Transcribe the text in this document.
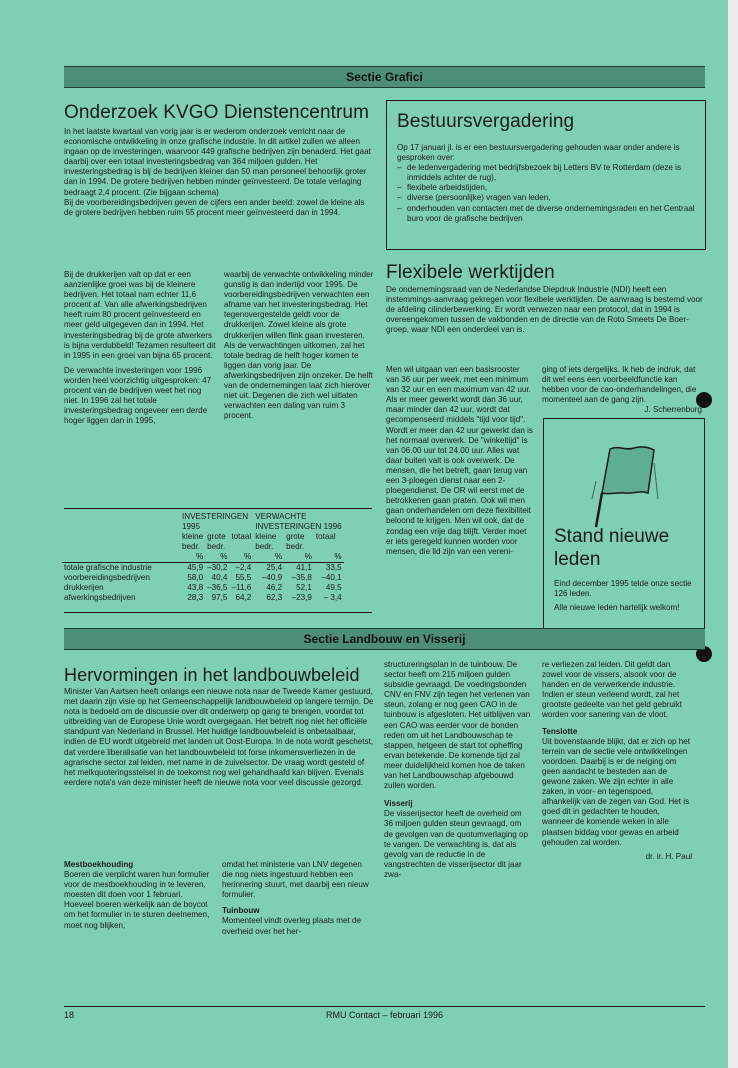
Sectie Grafici
Onderzoek KVGO Dienstencentrum

In het laatste kwartaal van vorig jaar is er wederom onderzoek verricht naar de economische ontwikkeling in onze grafische industrie. In dit artikel zullen we alleen ingaan op de investeringen, waarvoor 449 grafische bedrijven zijn benaderd. Het gaat daarbij over een totaal investeringsbedrag van 364 miljoen gulden. Het investeringsbedrag is bij de bedrijven kleiner dan 50 man personeel behoorlijk groter dan in 1994. De grotere bedrijven hebben minder geïnvesteerd. De totale verlaging bedraagt 2,4 procent. (Zie bijgaan schema)

Bij de voorbereidingsbedrijven geven de cijfers een ander beeld: zowel de kleine als de grotere bedrijven hebben ruim 55 procent meer geïnvesteerd dan in 1994.

Bij de drukkerijen valt op dat er een aanzienlijke groei was bij de kleinere bedrijven. Het totaal nam echter 11,6 procent af. Van alle afwerkingsbedrijven heeft ruim 80 procent geïnvesteerd en meer geld uitgegeven dan in 1994. Het investeringsbedrag bij de grote afwerkers is bijna verdubbeld! Tezamen resulteert dit in 1995 in een groei van bijna 65 procent.

De verwachte investeringen voor 1996 worden heel voorzichtig uitgesproken: 47 procent van de bedrijven weet het nog niet. In 1996 zal het totale investeringsbedrag ongeveer een derde hoger liggen dan in 1995,

waarbij de verwachte ontwikkeling minder gunstig is dan indertijd voor 1995. De voorbereidingsbedrijven verwachten een afname van het investeringsbedrag. Het tegenovergestelde geldt voor de drukkerijen. Zowel kleine als grote drukkerijen willen flink gaan investeren. Als de verwachtingen uitkomen, zal het totale bedrag de helft hoger komen te liggen dan vorig jaar. De afwerkingsbedrijven zijn onzeker. De helft van de ondernemingen laat zich hierover niet uit. Degenen die zich wel uitlaten verwachten een daling van ruim 3 procent.

	INVESTERINGEN			VERWACHTE		
	1995			INVESTERINGEN 1996		
	kleine	grote	totaal	kleine	grote	totaal
	bedr.	bedr.		bedr.	bedr.	
	%	%	%	%	%	%
totale grafische industrie	45,9	–30,2	–2,4	25,4	41,1	33,5
voorbereidingsbedrijven	58,0	40,4	55,5	–40,9	–35,8	–40,1
drukkerijen	43,8	–36,5	–11,6	46,2	52,1	49,5
afwerkingsbedrijven	28,3	97,5	64,2	62,3	–23,9	– 3,4
Bestuursvergadering

Op 17 januari jl. is er een bestuursvergadering gehouden waar onder andere is gesproken over:

– de ledenvergadering met bedrijfsbezoek bij Letters BV te Rotterdam (deze is inmiddels achter de rug),
– flexibele arbeidstijden,
– diverse (persoonlijke) vragen van leden,
– onderhouden van contacten met de diverse ondernemingsraden en het Centraal buro voor de grafische bedrijven
Flexibele werktijden

De ondernemingsraad van de Nederlandse Diepdruk Industrie (NDI) heeft een instemmings-aanvraag gekregen voor flexibele werktijden. De aanvraag is bestemd voor de afdeling cilinderbewerking. Er wordt verwezen naar een protocol, dat in 1994 is overeengekomen tussen de vakbonden en de directie van de Roto Smeets De Boer-groep, waar NDI een onderdeel van is.

Men wil uitgaan van een basisrooster van 36 uur per week, met een minimum van 32 uur en een maximum van 42 uur. Als er meer gewerkt wordt dan 36 uur, maar minder dan 42 uur, wordt dat gecompenseerd middels "tijd voor tijd". Wordt er meer dan 42 uur gewerkt dan is het normaal overwerk. De "winkeltijd" is van 06.00 uur tot 24.00 uur. Alles wat daar buiten valt is ook overwerk. De mensen, die het betreft, gaan terug van een 3-ploegen dienst naar een 2-ploegendienst. De OR wil eerst met de betrokkenen gaan praten. Ook wil men gaan onderhandelen om deze flexibiliteit beloond te krijgen. Men wil ook, dat de zondag een vrije dag blijft. Verder moet er iets geregeld kunnen worden voor mensen, die lid zijn van een vereni-

ging of iets dergelijks. Ik heb de indruk, dat dit wel eens een voorbeeldfunctie kan hebben voor de cao-onderhandelingen, die momenteel aan de gang zijn.

J. Scherrenburg
Stand nieuwe leden

Eind december 1995 telde onze sectie 126 leden.

Alle nieuwe leden hartelijk welkom!

Sectie Landbouw en Visserij
Hervormingen in het landbouwbeleid

Minister Van Aartsen heeft onlangs een nieuwe nota naar de Tweede Kamer gestuurd, met daarin zijn visie op het Gemeenschappelijk landbouwbeleid op langere termijn. De nota is bedoeld om de discussie over dit onderwerp op gang te brengen, voordat tot uitbreiding van de Europese Unie wordt overgegaan. Het betreft nog niet het officiële standpunt van Nederland in Brussel. Het huidige landbouwbeleid is onbetaalbaar, indien de EU wordt uitgebreid met landen uit Oost-Europa. In de nota wordt geschetst, dat verdere liberalisatie van het landbouwbeleid tot forse inkomensverliezen in de agrarische sector zal leiden, met name in de zuivelsector. De vraag wordt gesteld of het melkquoteringsstelsel in de toekomst nog wel gehandhaafd kan blijven. Evenals eerdere nota's van deze minister heeft de nieuwe nota voor veel discussie gezorgd.

Mestboekhouding

Boeren die verplicht waren hun formulier voor de mestboekhouding in te leveren, moesten dit doen voor 1 februari. Hoeveel boeren werkelijk aan de boycot om het formulier in te sturen deelnemen, moet nog blijken,

omdat het ministerie van LNV degenen die nog niets ingestuurd hebben een herinnering stuurt, met daarbij een nieuw formulier.

Tuinbouw

Momenteel vindt overleg plaats met de overheid over het her-

structureringsplan in de tuinbouw. De sector heeft om 215 miljoen gulden subsidie gevraagd. De voedingsbonden CNV en FNV zijn tegen het verlenen van steun, zolang er nog geen CAO in de tuinbouw is afgesloten. Het uitblijven van een CAO was eerder voor de bonden reden om uit het Landbouwschap te stappen, hetgeen de start tot opheffing ervan betekende. De komende tijd zal meer duidelijkheid komen hoe de taken van het Landbouwschap afgebouwd zullen worden.

Visserij

De visserijsector heeft de overheid om 36 miljoen gulden steun gevraagd, om de gevolgen van de quotumverlaging op te vangen. De verwachting is, dat als gevolg van de reductie in de vangstrechten de visserijsector dit jaar zwa-

re verliezen zal leiden. Dit geldt dan zowel voor de vissers, alsook voor de handen en de verwerkende industrie. Indien er steun verleend wordt, zal het grootste gedeelte van het geld gebruikt worden voor sanering van de vloot.

Tenslotte

Uit bovenstaande blijkt, dat er zich op het terrein van de sectie vele ontwikkelingen voordoen. Daarbij is er de neiging om geen aandacht te besteden aan de gewone zaken. We zijn echter in alle zaken, in voor- en tegenspoed, afhankelijk van de zegen van God. Het is goed dit in gedachten te houden, wanneer de komende weken in alle plaatsen biddag voor gewas en arbeid gehouden zal worden.

dr. ir. H. Paul
18	RMU Contact – februari 1996
